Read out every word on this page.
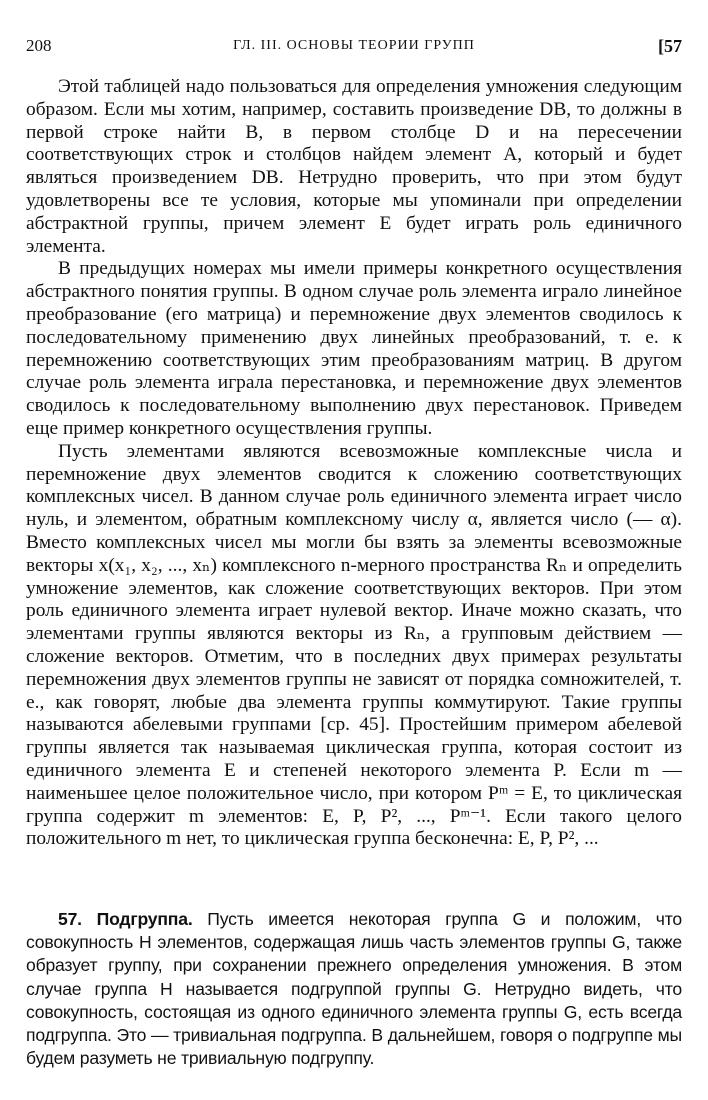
208	ГЛ. III. ОСНОВЫ ТЕОРИИ ГРУПП	[57

Этой таблицей надо пользоваться для определения умножения следующим образом. Если мы хотим, например, составить произведение DB, то должны в первой строке найти B, в первом столбце D и на пересечении соответствующих строк и столбцов найдем элемент A, который и будет являться произведением DB. Нетрудно проверить, что при этом будут удовлетворены все те условия, которые мы упоминали при определении абстрактной группы, причем элемент E будет играть роль единичного элемента.

В предыдущих номерах мы имели примеры конкретного осуществления абстрактного понятия группы. В одном случае роль элемента играло линейное преобразование (его матрица) и перемножение двух элементов сводилось к последовательному применению двух линейных преобразований, т. е. к перемножению соответствующих этим преобразованиям матриц. В другом случае роль элемента играла перестановка, и перемножение двух элементов сводилось к последовательному выполнению двух перестановок. Приведем еще пример конкретного осуществления группы.

Пусть элементами являются всевозможные комплексные числа и перемножение двух элементов сводится к сложению соответствующих комплексных чисел. В данном случае роль единичного элемента играет число нуль, и элементом, обратным комплексному числу α, является число (— α). Вместо комплексных чисел мы могли бы взять за элементы всевозможные векторы x(x₁, x₂, ..., xₙ) комплексного n-мерного пространства Rₙ и определить умножение элементов, как сложение соответствующих векторов. При этом роль единичного элемента играет нулевой вектор. Иначе можно сказать, что элементами группы являются векторы из Rₙ, а групповым действием — сложение векторов. Отметим, что в последних двух примерах результаты перемножения двух элементов группы не зависят от порядка сомножителей, т. е., как говорят, любые два элемента группы коммутируют. Такие группы называются абелевыми группами [ср. 45]. Простейшим примером абелевой группы является так называемая циклическая группа, которая состоит из единичного элемента E и степеней некоторого элемента P. Если m — наименьшее целое положительное число, при котором Pᵐ = E, то циклическая группа содержит m элементов: E, P, P², ..., Pᵐ⁻¹. Если такого целого положительного m нет, то циклическая группа бесконечна: E, P, P², ...

57. Подгруппа. Пусть имеется некоторая группа G и положим, что совокупность H элементов, содержащая лишь часть элементов группы G, также образует группу, при сохранении прежнего определения умножения. В этом случае группа H называется подгруппой группы G. Нетрудно видеть, что совокупность, состоящая из одного единичного элемента группы G, есть всегда подгруппа. Это — тривиальная подгруппа. В дальнейшем, говоря о подгруппе мы будем разуметь не тривиальную подгруппу.
